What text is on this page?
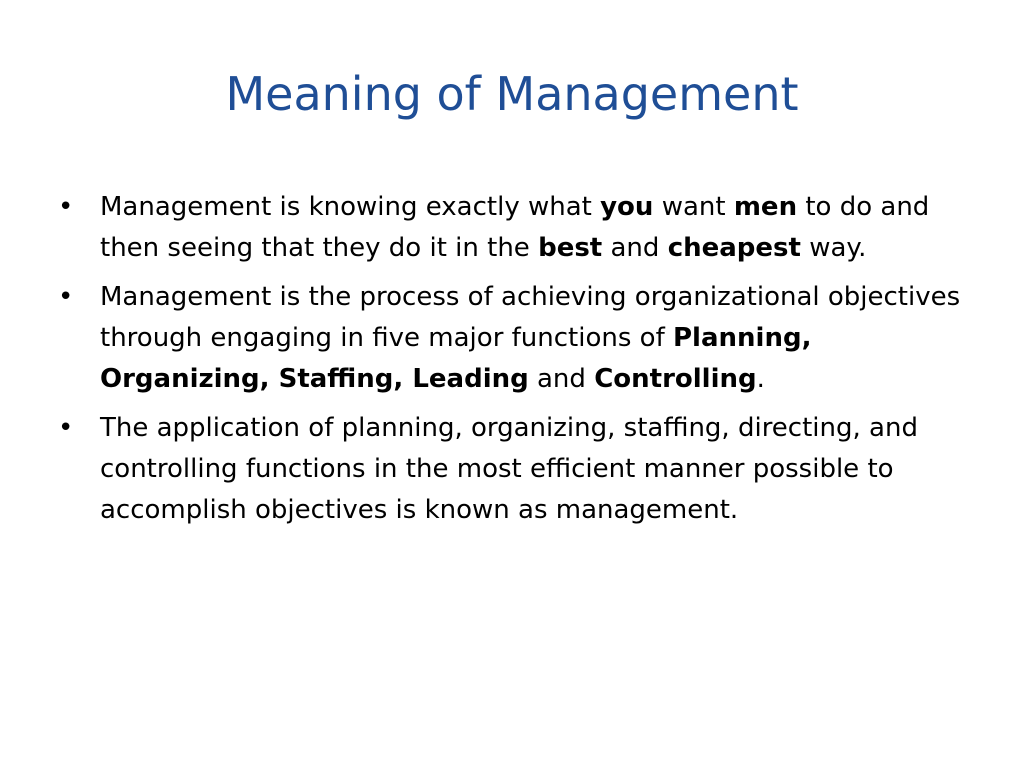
Meaning of Management
• Management is knowing exactly what you want men to do and then seeing that they do it in the best and cheapest way.
• Management is the process of achieving organizational objectives through engaging in five major functions of Planning, Organizing, Staffing, Leading and Controlling.
• The application of planning, organizing, staffing, directing, and controlling functions in the most efficient manner possible to accomplish objectives is known as management.
